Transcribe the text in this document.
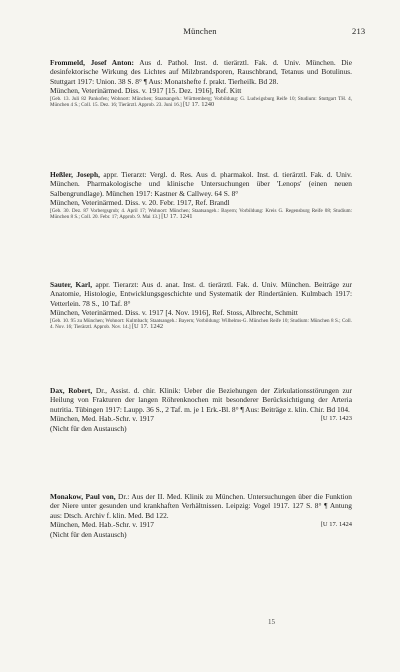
München	213

Frommeld, Josef Anton: Aus d. Pathol. Inst. d. tierärztl. Fak. d. Univ. München. Die desinfektorische Wirkung des Lichtes auf Milzbrandsporen, Rauschbrand, Tetanus und Botulinus. Stuttgart 1917: Union. 38 S. 8° ¶ Aus: Monatshefte f. prakt. Tierheilk. Bd 28.

München, Veterinärmed. Diss. v. 1917 [15. Dez. 1916], Ref. Kitt

[Geb. 13. Juli 82 Pankofen; Wohnort: München; Staatsangeh.: Württemberg; Vorbildung: G. Ludwigsburg Reife 10; Studium: Stuttgart TH. 4, München 4 S.; Coll. 15. Dez. 16; Tierärztl. Approb. 23. Juni 16.] [U 17. 1240

Heßler, Joseph, appr. Tierarzt: Vergl. d. Res. Aus d. pharmakol. Inst. d. tierärztl. Fak. d. Univ. München. Pharmakologische und klinische Untersuchungen über 'Lenops' (einen neuen Salbengrundlage). München 1917: Kastner & Callwey. 64 S. 8°

München, Veterinärmed. Diss. v. 20. Febr. 1917, Ref. Brandl

[Geb. 30. Dez. 87 Vorbergsgrub; 4. April 17; Wohnort: München; Staatsangeh.: Bayern; Vorbildung: Kreis G. Regensburg Reife 08; Studium: München 8 S.; Coll. 20. Febr. 17; Approb. 9. Mai 13.] [U 17. 1241

Sauter, Karl, appr. Tierarzt: Aus d. anat. Inst. d. tierärztl. Fak. d. Univ. München. Beiträge zur Anatomie, Histologie, Entwicklungsgeschichte und Systematik der Rindertänien. Kulmbach 1917: Vetterlein. 78 S., 10 Taf. 8°

München, Veterinärmed. Diss. v. 1917 [4. Nov. 1916], Ref. Stoss, Albrecht, Schmitt

[Geb. 10. 95 zu München; Wohnort: Kulmbach; Staatsangeh.: Bayern; Vorbildung: Wilhelms-G. München Reife 10; Studium: München 8 S.; Coll. 4. Nov. 16; Tierärztl. Approb. Nov. 14.] [U 17. 1242

Dax, Robert, Dr., Assist. d. chir. Klinik: Ueber die Beziehungen der Zirkulationsstörungen zur Heilung von Frakturen der langen Röhrenknochen mit besonderer Berücksichtigung der Arteria nutritia. Tübingen 1917: Laupp. 36 S., 2 Taf. m. je 1 Erk.-Bl. 8° ¶ Aus: Beiträge z. klin. Chir. Bd 104.

München, Med. Hab.-Schr. v. 1917	[U 17. 1423

(Nicht für den Austausch)

Monakow, Paul von, Dr.: Aus der II. Med. Klinik zu München. Untersuchungen über die Funktion der Niere unter gesunden und krankhaften Verhältnissen. Leipzig: Vogel 1917. 127 S. 8° ¶ Antung aus: Dtsch. Archiv f. klin. Med. Bd 122.

München, Med. Hab.-Schr. v. 1917	[U 17. 1424

(Nicht für den Austausch)

15
